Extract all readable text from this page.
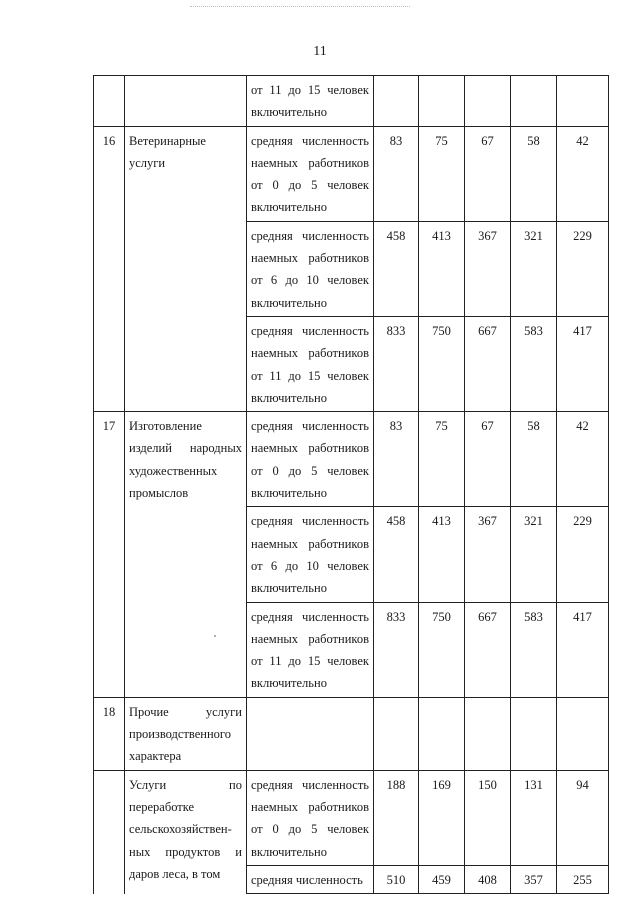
11
		от 11 до 15 человек включительно					
16	Ветеринарные услуги	средняя численность наемных работников от 0 до 5 человек включительно	83	75	67	58	42
		средняя численность наемных работников от 6 до 10 человек включительно	458	413	367	321	229
		средняя численность наемных работников от 11 до 15 человек включительно	833	750	667	583	417
17	Изготовление изделий народных художественных промыслов	средняя численность наемных работников от 0 до 5 человек включительно	83	75	67	58	42
		средняя численность наемных работников от 6 до 10 человек включительно	458	413	367	321	229
		средняя численность наемных работников от 11 до 15 человек включительно	833	750	667	583	417
18	Прочие услуги производственного характера						
	Услуги по переработке сельскохозяйствен-ных продуктов и даров леса, в том	средняя численность наемных работников от 0 до 5 человек включительно	188	169	150	131	94
		средняя численность	510	459	408	357	255
